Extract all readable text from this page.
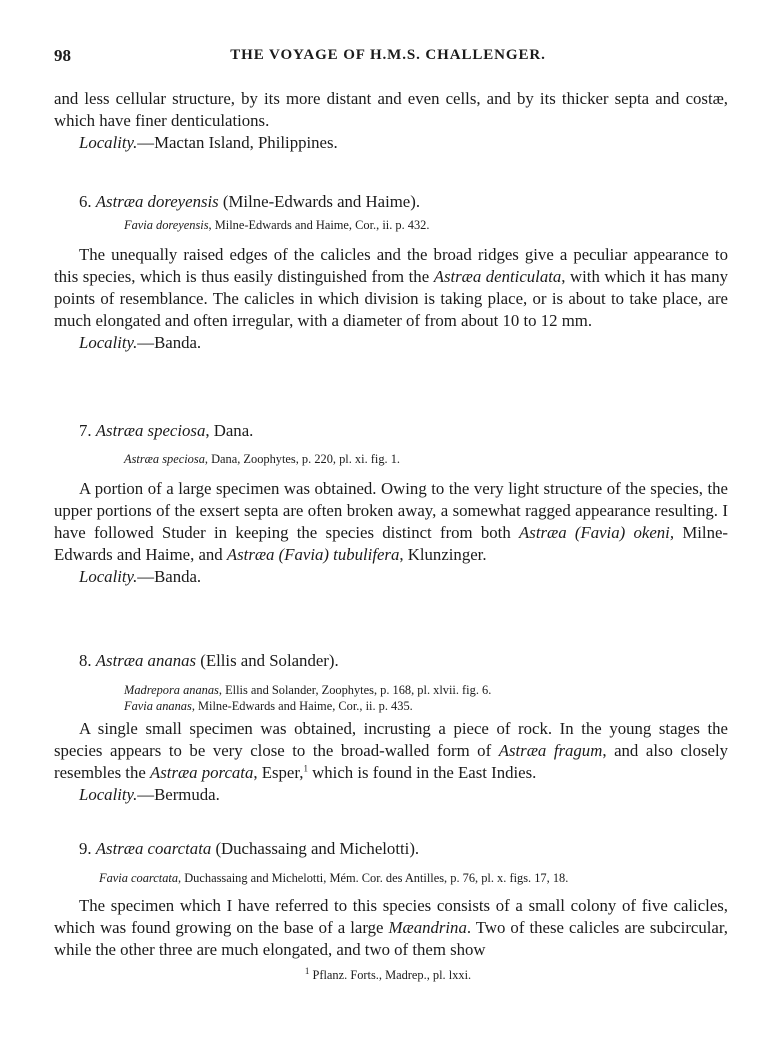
98	THE VOYAGE OF H.M.S. CHALLENGER.

and less cellular structure, by its more distant and even cells, and by its thicker septa and costæ, which have finer denticulations.

Locality.—Mactan Island, Philippines.
6. Astræa doreyensis (Milne-Edwards and Haime).
Favia doreyensis, Milne-Edwards and Haime, Cor., ii. p. 432.

The unequally raised edges of the calicles and the broad ridges give a peculiar appearance to this species, which is thus easily distinguished from the Astræa denticulata, with which it has many points of resemblance. The calicles in which division is taking place, or is about to take place, are much elongated and often irregular, with a diameter of from about 10 to 12 mm.

Locality.—Banda.
7. Astræa speciosa, Dana.
Astræa speciosa, Dana, Zoophytes, p. 220, pl. xi. fig. 1.

A portion of a large specimen was obtained. Owing to the very light structure of the species, the upper portions of the exsert septa are often broken away, a somewhat ragged appearance resulting. I have followed Studer in keeping the species distinct from both Astræa (Favia) okeni, Milne-Edwards and Haime, and Astræa (Favia) tubulifera, Klunzinger.

Locality.—Banda.
8. Astræa ananas (Ellis and Solander).
Madrepora ananas, Ellis and Solander, Zoophytes, p. 168, pl. xlvii. fig. 6.
Favia ananas, Milne-Edwards and Haime, Cor., ii. p. 435.

A single small specimen was obtained, incrusting a piece of rock. In the young stages the species appears to be very close to the broad-walled form of Astræa fragum, and also closely resembles the Astræa porcata, Esper,$^1$ which is found in the East Indies.

Locality.—Bermuda.
9. Astræa coarctata (Duchassaing and Michelotti).
Favia coarctata, Duchassaing and Michelotti, Mém. Cor. des Antilles, p. 76, pl. x. figs. 17, 18.

The specimen which I have referred to this species consists of a small colony of five calicles, which was found growing on the base of a large Mæandrina. Two of these calicles are subcircular, while the other three are much elongated, and two of them show

$^1$ Pflanz. Forts., Madrep., pl. lxxi.
